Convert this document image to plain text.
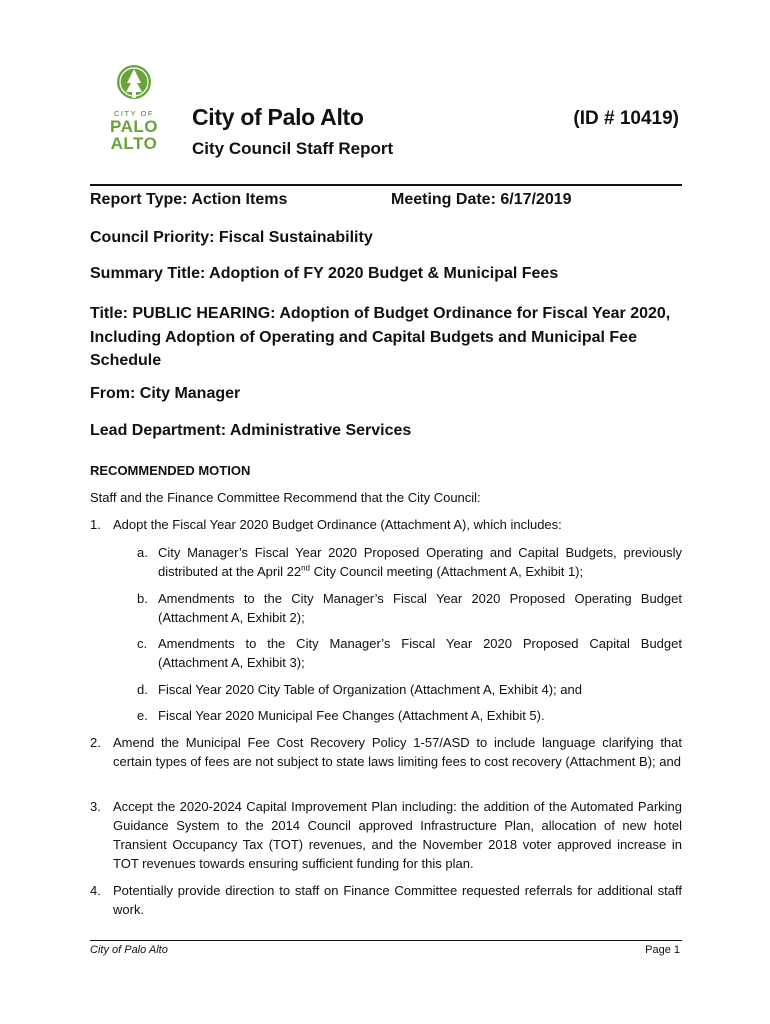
CITY OF
PALO
ALTO
City of Palo Alto	(ID # 10419)
City Council Staff Report
Report Type: Action Items	Meeting Date: 6/17/2019
Council Priority: Fiscal Sustainability
Summary Title: Adoption of FY 2020 Budget & Municipal Fees
Title: PUBLIC HEARING: Adoption of Budget Ordinance for Fiscal Year 2020, Including Adoption of Operating and Capital Budgets and Municipal Fee Schedule
From: City Manager
Lead Department: Administrative Services
RECOMMENDED MOTION
Staff and the Finance Committee Recommend that the City Council:
1. Adopt the Fiscal Year 2020 Budget Ordinance (Attachment A), which includes:
a. City Manager’s Fiscal Year 2020 Proposed Operating and Capital Budgets, previously distributed at the April 22nd City Council meeting (Attachment A, Exhibit 1);
b. Amendments to the City Manager’s Fiscal Year 2020 Proposed Operating Budget (Attachment A, Exhibit 2);
c. Amendments to the City Manager’s Fiscal Year 2020 Proposed Capital Budget (Attachment A, Exhibit 3);
d. Fiscal Year 2020 City Table of Organization (Attachment A, Exhibit 4); and
e. Fiscal Year 2020 Municipal Fee Changes (Attachment A, Exhibit 5).
2. Amend the Municipal Fee Cost Recovery Policy 1-57/ASD to include language clarifying that certain types of fees are not subject to state laws limiting fees to cost recovery (Attachment B); and
3. Accept the 2020-2024 Capital Improvement Plan including: the addition of the Automated Parking Guidance System to the 2014 Council approved Infrastructure Plan, allocation of new hotel Transient Occupancy Tax (TOT) revenues, and the November 2018 voter approved increase in TOT revenues towards ensuring sufficient funding for this plan.
4. Potentially provide direction to staff on Finance Committee requested referrals for additional staff work.
City of Palo Alto	Page 1
